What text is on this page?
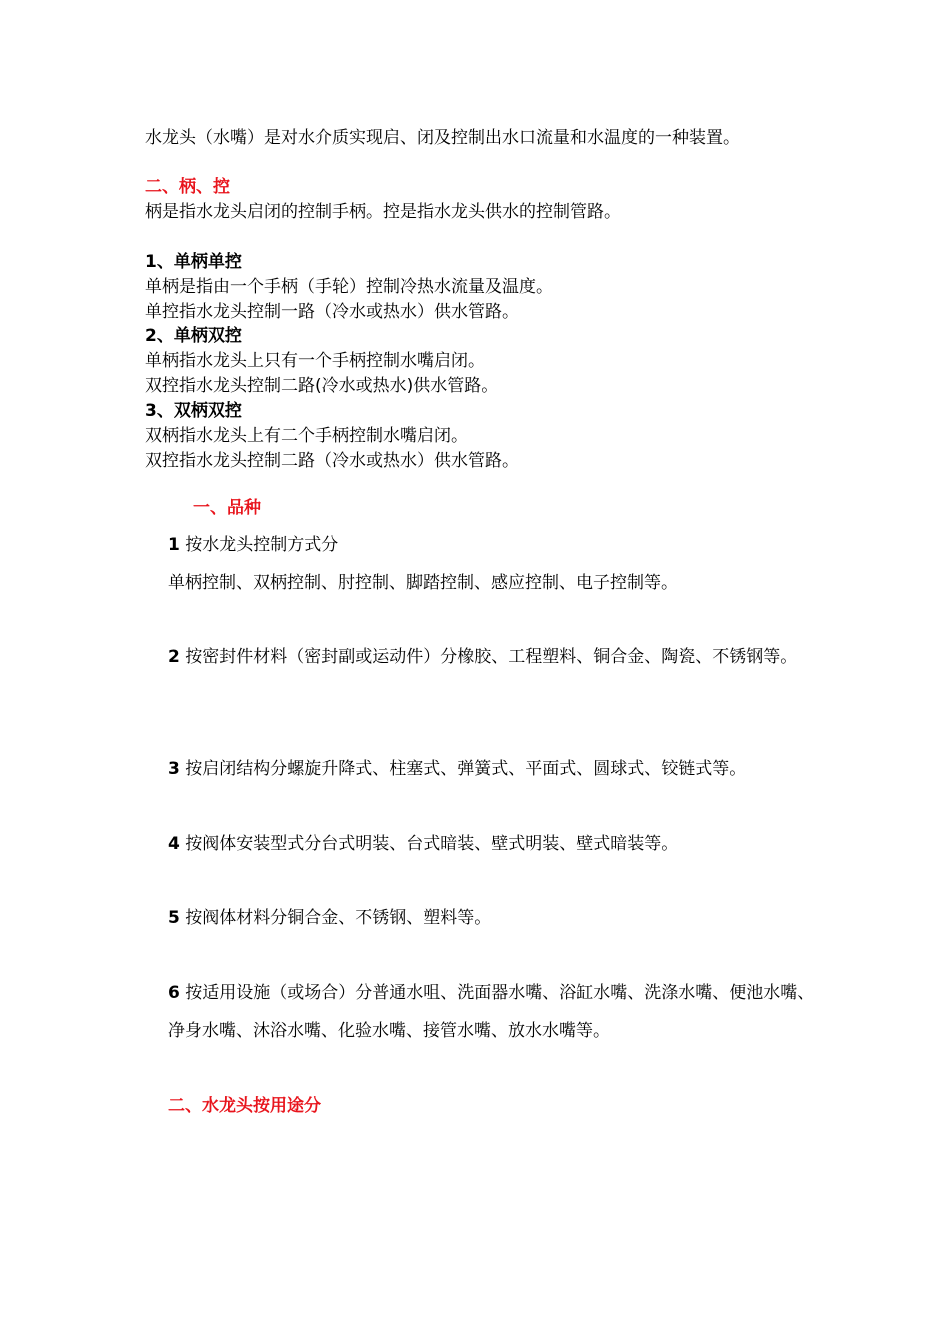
水龙头（水嘴）是对水介质实现启、闭及控制出水口流量和水温度的一种装置。
二、柄、控
柄是指水龙头启闭的控制手柄。控是指水龙头供水的控制管路。
1、单柄单控
单柄是指由一个手柄（手轮）控制冷热水流量及温度。
单控指水龙头控制一路（冷水或热水）供水管路。
2、单柄双控
单柄指水龙头上只有一个手柄控制水嘴启闭。
双控指水龙头控制二路(冷水或热水)供水管路。
3、双柄双控
双柄指水龙头上有二个手柄控制水嘴启闭。
双控指水龙头控制二路（冷水或热水）供水管路。
一、品种
1 按水龙头控制方式分
单柄控制、双柄控制、肘控制、脚踏控制、感应控制、电子控制等。
2 按密封件材料（密封副或运动件）分橡胶、工程塑料、铜合金、陶瓷、不锈钢等。
3 按启闭结构分螺旋升降式、柱塞式、弹簧式、平面式、圆球式、铰链式等。
4 按阀体安装型式分台式明装、台式暗装、壁式明装、壁式暗装等。
5 按阀体材料分铜合金、不锈钢、塑料等。
6 按适用设施（或场合）分普通水咀、洗面器水嘴、浴缸水嘴、洗涤水嘴、便池水嘴、净身水嘴、沐浴水嘴、化验水嘴、接管水嘴、放水水嘴等。
二、水龙头按用途分
